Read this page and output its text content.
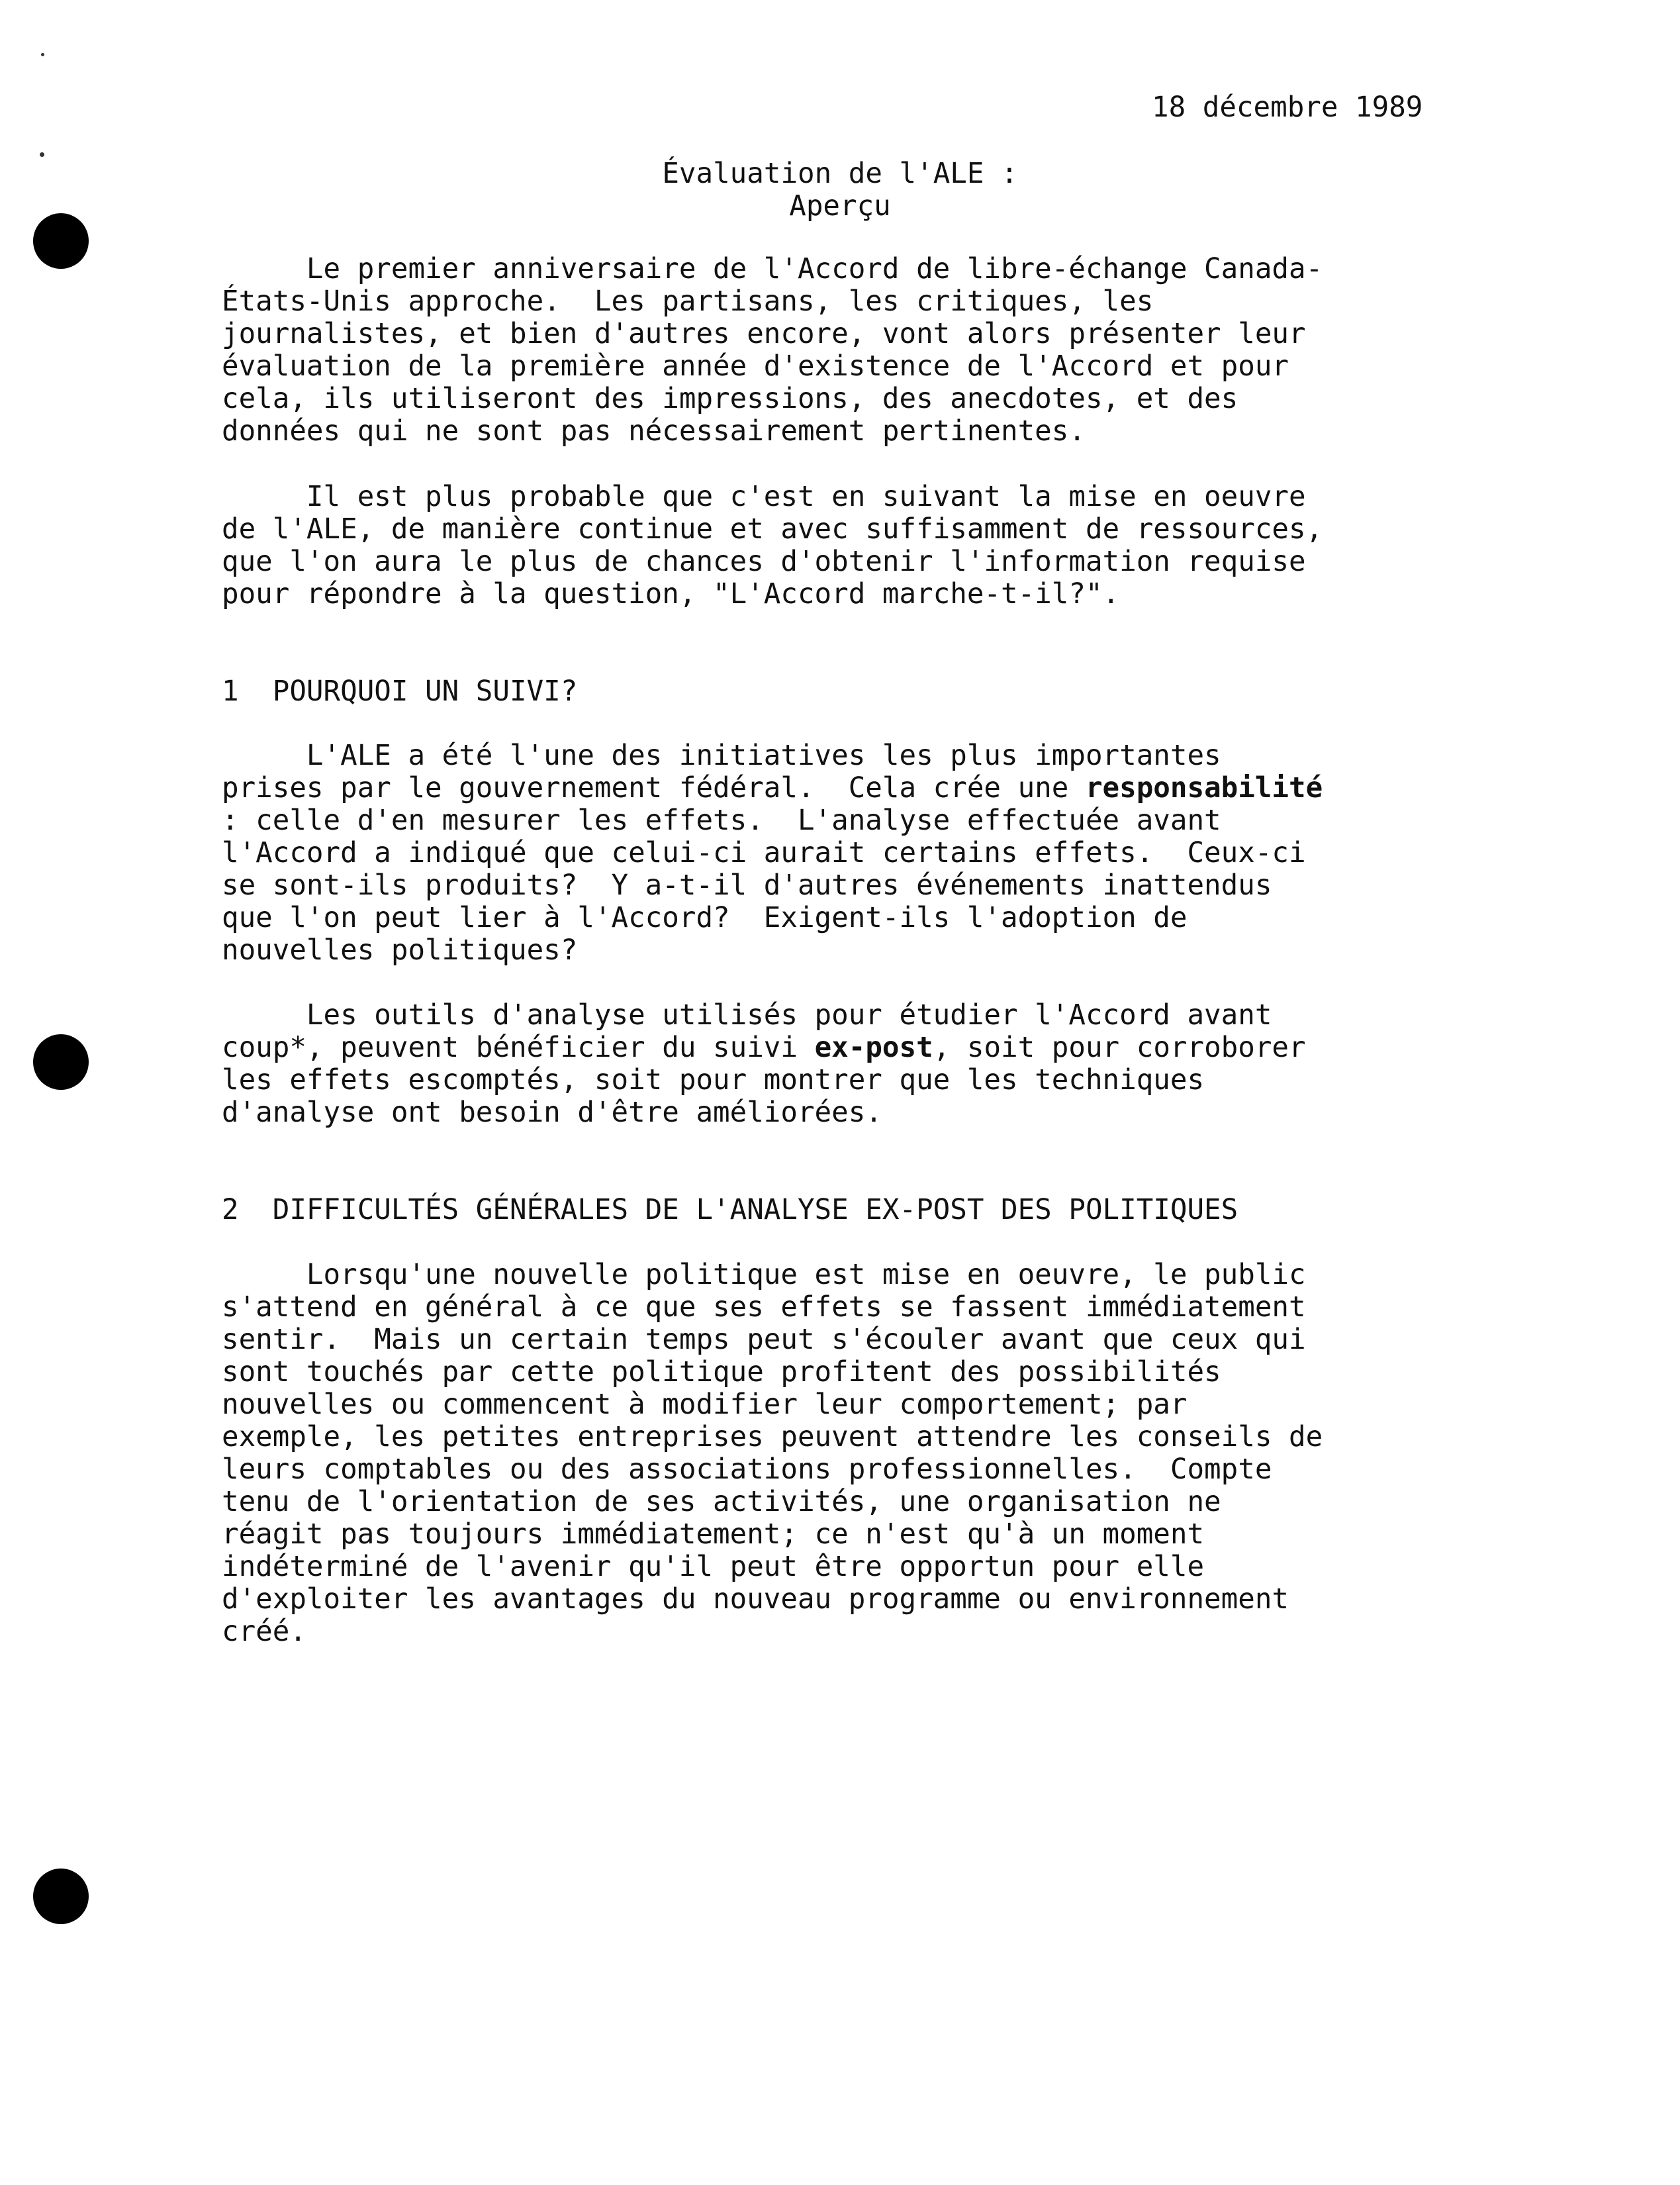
18 décembre 1989
Évaluation de l'ALE :
Aperçu
Le premier anniversaire de l'Accord de libre-échange Canada-
États-Unis approche.  Les partisans, les critiques, les
journalistes, et bien d'autres encore, vont alors présenter leur
évaluation de la première année d'existence de l'Accord et pour
cela, ils utiliseront des impressions, des anecdotes, et des
données qui ne sont pas nécessairement pertinentes.
Il est plus probable que c'est en suivant la mise en oeuvre
de l'ALE, de manière continue et avec suffisamment de ressources,
que l'on aura le plus de chances d'obtenir l'information requise
pour répondre à la question, "L'Accord marche-t-il?".
1  POURQUOI UN SUIVI?
L'ALE a été l'une des initiatives les plus importantes
prises par le gouvernement fédéral.  Cela crée une responsabilité
: celle d'en mesurer les effets.  L'analyse effectuée avant
l'Accord a indiqué que celui-ci aurait certains effets.  Ceux-ci
se sont-ils produits?  Y a-t-il d'autres événements inattendus
que l'on peut lier à l'Accord?  Exigent-ils l'adoption de
nouvelles politiques?
Les outils d'analyse utilisés pour étudier l'Accord avant
coup*, peuvent bénéficier du suivi ex-post, soit pour corroborer
les effets escomptés, soit pour montrer que les techniques
d'analyse ont besoin d'être améliorées.
2  DIFFICULTÉS GÉNÉRALES DE L'ANALYSE EX-POST DES POLITIQUES
Lorsqu'une nouvelle politique est mise en oeuvre, le public
s'attend en général à ce que ses effets se fassent immédiatement
sentir.  Mais un certain temps peut s'écouler avant que ceux qui
sont touchés par cette politique profitent des possibilités
nouvelles ou commencent à modifier leur comportement; par
exemple, les petites entreprises peuvent attendre les conseils de
leurs comptables ou des associations professionnelles.  Compte
tenu de l'orientation de ses activités, une organisation ne
réagit pas toujours immédiatement; ce n'est qu'à un moment
indéterminé de l'avenir qu'il peut être opportun pour elle
d'exploiter les avantages du nouveau programme ou environnement
créé.
